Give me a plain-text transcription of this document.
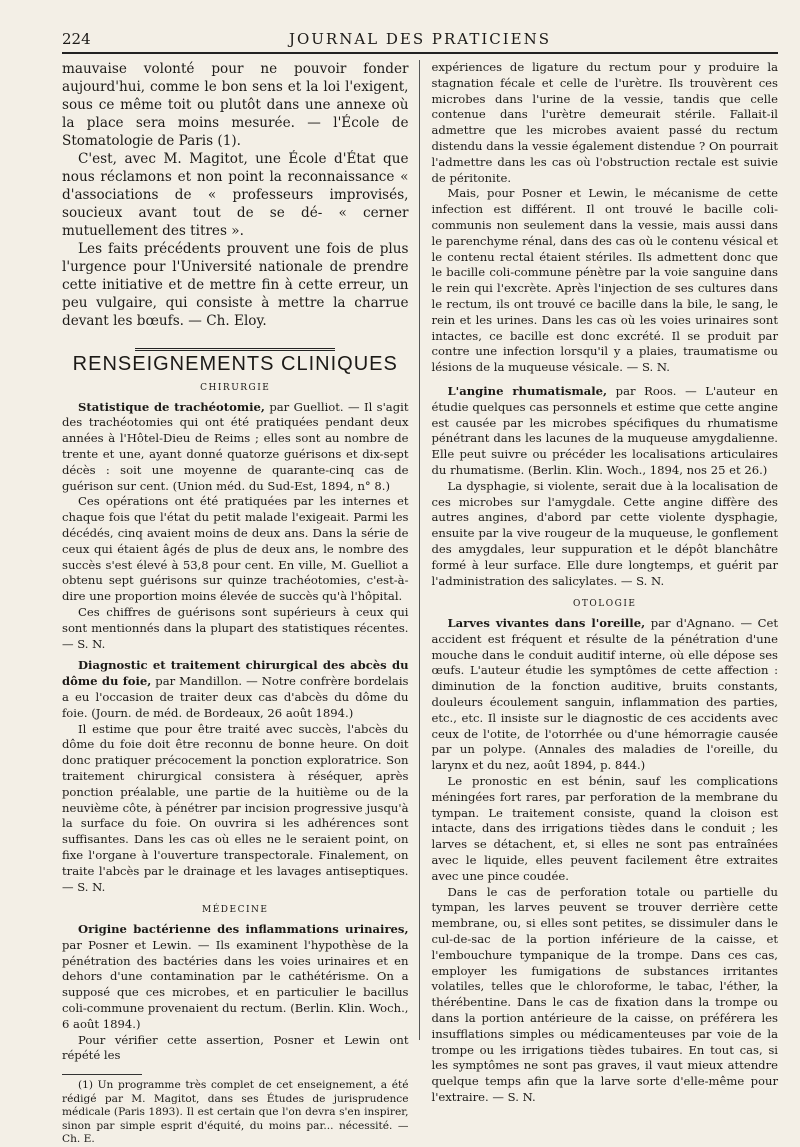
224	JOURNAL DES PRATICIENS

mauvaise volonté pour ne pouvoir fonder aujourd'hui, comme le bon sens et la loi l'exigent, sous ce même toit ou plutôt dans une annexe où la place sera moins mesurée. — l'École de Stomatologie de Paris (1).

C'est, avec M. Magitot, une École d'État que nous réclamons et non point la reconnaissance « d'associations de « professeurs improvisés, soucieux avant tout de se dé- « cerner mutuellement des titres ».

Les faits précédents prouvent une fois de plus l'urgence pour l'Université nationale de prendre cette initiative et de mettre fin à cette erreur, un peu vulgaire, qui consiste à mettre la charrue devant les bœufs. — Ch. Eloy.

RENSEIGNEMENTS CLINIQUES
CHIRURGIE

Statistique de trachéotomie, par Guelliot. — Il s'agit des trachéotomies qui ont été pratiquées pendant deux années à l'Hôtel-Dieu de Reims ; elles sont au nombre de trente et une, ayant donné quatorze guérisons et dix-sept décès : soit une moyenne de quarante-cinq cas de guérison sur cent. (Union méd. du Sud-Est, 1894, n° 8.)

Ces opérations ont été pratiquées par les internes et chaque fois que l'état du petit malade l'exigeait. Parmi les décédés, cinq avaient moins de deux ans. Dans la série de ceux qui étaient âgés de plus de deux ans, le nombre des succès s'est élevé à 53,8 pour cent. En ville, M. Guelliot a obtenu sept guérisons sur quinze trachéotomies, c'est-à-dire une proportion moins élevée de succès qu'à l'hôpital.

Ces chiffres de guérisons sont supérieurs à ceux qui sont mentionnés dans la plupart des statistiques récentes. — S. N.

Diagnostic et traitement chirurgical des abcès du dôme du foie, par Mandillon. — Notre confrère bordelais a eu l'occasion de traiter deux cas d'abcès du dôme du foie. (Journ. de méd. de Bordeaux, 26 août 1894.)

Il estime que pour être traité avec succès, l'abcès du dôme du foie doit être reconnu de bonne heure. On doit donc pratiquer précocement la ponction exploratrice. Son traitement chirurgical consistera à réséquer, après ponction préalable, une partie de la huitième ou de la neuvième côte, à pénétrer par incision progressive jusqu'à la surface du foie. On ouvrira si les adhérences sont suffisantes. Dans les cas où elles ne le seraient point, on fixe l'organe à l'ouverture transpectorale. Finalement, on traite l'abcès par le drainage et les lavages antiseptiques. — S. N.

MÉDECINE

Origine bactérienne des inflammations urinaires, par Posner et Lewin. — Ils examinent l'hypothèse de la pénétration des bactéries dans les voies urinaires et en dehors d'une contamination par le cathétérisme. On a supposé que ces microbes, et en particulier le bacillus coli-commune provenaient du rectum. (Berlin. Klin. Woch., 6 août 1894.)

Pour vérifier cette assertion, Posner et Lewin ont répété les

(1) Un programme très complet de cet enseignement, a été rédigé par M. Magitot, dans ses Études de jurisprudence médicale (Paris 1893). Il est certain que l'on devra s'en inspirer, sinon par simple esprit d'équité, du moins par... nécessité. — Ch. E.

expériences de ligature du rectum pour y produire la stagnation fécale et celle de l'urètre. Ils trouvèrent ces microbes dans l'urine de la vessie, tandis que celle contenue dans l'urètre demeurait stérile. Fallait-il admettre que les microbes avaient passé du rectum distendu dans la vessie également distendue ? On pourrait l'admettre dans les cas où l'obstruction rectale est suivie de péritonite.

Mais, pour Posner et Lewin, le mécanisme de cette infection est différent. Il ont trouvé le bacille coli-communis non seulement dans la vessie, mais aussi dans le parenchyme rénal, dans des cas où le contenu vésical et le contenu rectal étaient stériles. Ils admettent donc que le bacille coli-commune pénètre par la voie sanguine dans le rein qui l'excrète. Après l'injection de ses cultures dans le rectum, ils ont trouvé ce bacille dans la bile, le sang, le rein et les urines. Dans les cas où les voies urinaires sont intactes, ce bacille est donc excrété. Il se produit par contre une infection lorsqu'il y a plaies, traumatisme ou lésions de la muqueuse vésicale. — S. N.

L'angine rhumatismale, par Roos. — L'auteur en étudie quelques cas personnels et estime que cette angine est causée par les microbes spécifiques du rhumatisme pénétrant dans les lacunes de la muqueuse amygdalienne. Elle peut suivre ou précéder les localisations articulaires du rhumatisme. (Berlin. Klin. Woch., 1894, nos 25 et 26.)

La dysphagie, si violente, serait due à la localisation de ces microbes sur l'amygdale. Cette angine diffère des autres angines, d'abord par cette violente dysphagie, ensuite par la vive rougeur de la muqueuse, le gonflement des amygdales, leur suppuration et le dépôt blanchâtre formé à leur surface. Elle dure longtemps, et guérit par l'administration des salicylates. — S. N.

OTOLOGIE

Larves vivantes dans l'oreille, par d'Agnano. — Cet accident est fréquent et résulte de la pénétration d'une mouche dans le conduit auditif interne, où elle dépose ses œufs. L'auteur étudie les symptômes de cette affection : diminution de la fonction auditive, bruits constants, douleurs écoulement sanguin, inflammation des parties, etc., etc. Il insiste sur le diagnostic de ces accidents avec ceux de l'otite, de l'otorrhée ou d'une hémorragie causée par un polype. (Annales des maladies de l'oreille, du larynx et du nez, août 1894, p. 844.)

Le pronostic en est bénin, sauf les complications méningées fort rares, par perforation de la membrane du tympan. Le traitement consiste, quand la cloison est intacte, dans des irrigations tièdes dans le conduit ; les larves se détachent, et, si elles ne sont pas entraînées avec le liquide, elles peuvent facilement être extraites avec une pince coudée.

Dans le cas de perforation totale ou partielle du tympan, les larves peuvent se trouver derrière cette membrane, ou, si elles sont petites, se dissimuler dans le cul-de-sac de la portion inférieure de la caisse, et l'embouchure tympanique de la trompe. Dans ces cas, employer les fumigations de substances irritantes volatiles, telles que le chloroforme, le tabac, l'éther, la thérébentine. Dans le cas de fixation dans la trompe ou dans la portion antérieure de la caisse, on préférera les insufflations simples ou médicamenteuses par voie de la trompe ou les irrigations tièdes tubaires. En tout cas, si les symptômes ne sont pas graves, il vaut mieux attendre quelque temps afin que la larve sorte d'elle-même pour l'extraire. — S. N.
